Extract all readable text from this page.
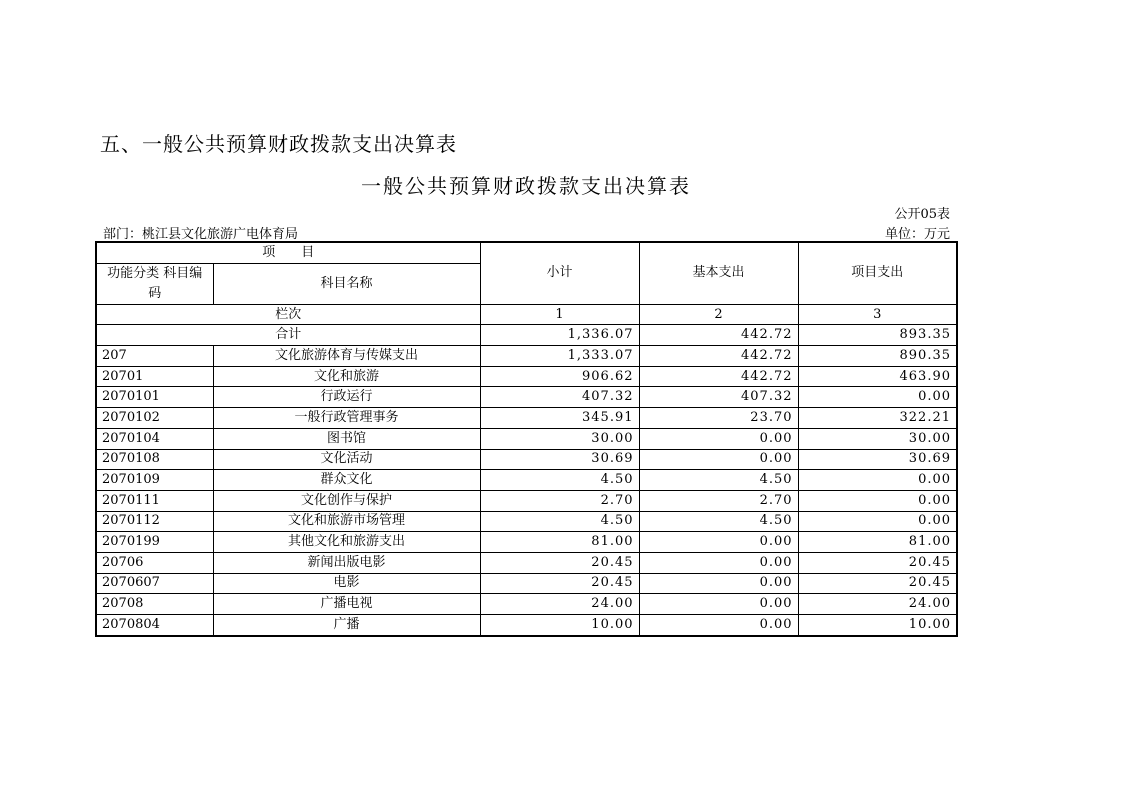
五、一般公共预算财政拨款支出决算表
一般公共预算财政拨款支出决算表
公开05表
部门：桃江县文化旅游广电体育局	单位：万元
项　　目		小计	基本支出	项目支出
功能分类 科目编码	科目名称			
栏次		1	2	3
合计		1,336.07	442.72	893.35
207	文化旅游体育与传媒支出	1,333.07	442.72	890.35
20701	文化和旅游	906.62	442.72	463.90
2070101	行政运行	407.32	407.32	0.00
2070102	一般行政管理事务	345.91	23.70	322.21
2070104	图书馆	30.00	0.00	30.00
2070108	文化活动	30.69	0.00	30.69
2070109	群众文化	4.50	4.50	0.00
2070111	文化创作与保护	2.70	2.70	0.00
2070112	文化和旅游市场管理	4.50	4.50	0.00
2070199	其他文化和旅游支出	81.00	0.00	81.00
20706	新闻出版电影	20.45	0.00	20.45
2070607	电影	20.45	0.00	20.45
20708	广播电视	24.00	0.00	24.00
2070804	广播	10.00	0.00	10.00
